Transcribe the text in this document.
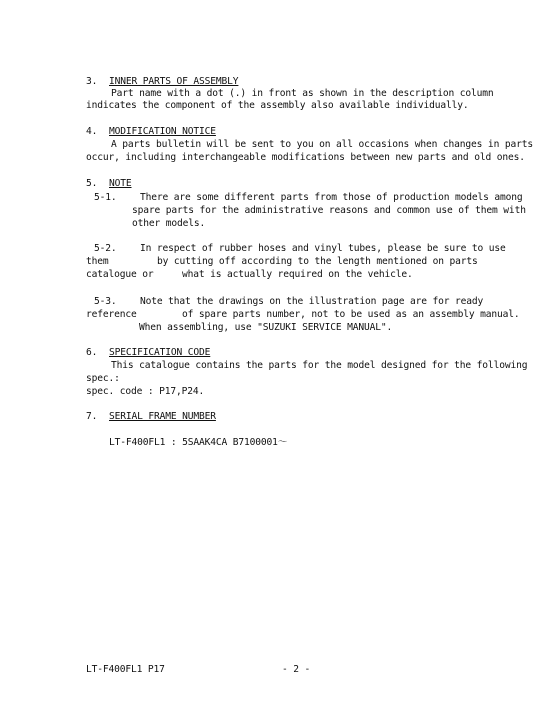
3. INNER PARTS OF ASSEMBLY
Part name with a dot (.) in front as shown in the description column
indicates the component of the assembly also available individually.
4. MODIFICATION NOTICE
A parts bulletin will be sent to you on all occasions when changes in parts
occur, including interchangeable modifications between new parts and old ones.
5. NOTE
5-1. There are some different parts from those of production models among
spare parts for the administrative reasons and common use of them with
other models.
5-2. In respect of rubber hoses and vinyl tubes, please be sure to use
them	by cutting off according to the length mentioned on parts
catalogue or	what is actually required on the vehicle.
5-3. Note that the drawings on the illustration page are for ready
reference	of spare parts number, not to be used as an assembly manual.
When assembling, use "SUZUKI SERVICE MANUAL".
6. SPECIFICATION CODE
This catalogue contains the parts for the model designed for the following
spec.:
spec. code : P17,P24.
7. SERIAL FRAME NUMBER
LT-F400FL1 : 5SAAK4CA B7100001～
LT-F400FL1 P17	- 2 -
